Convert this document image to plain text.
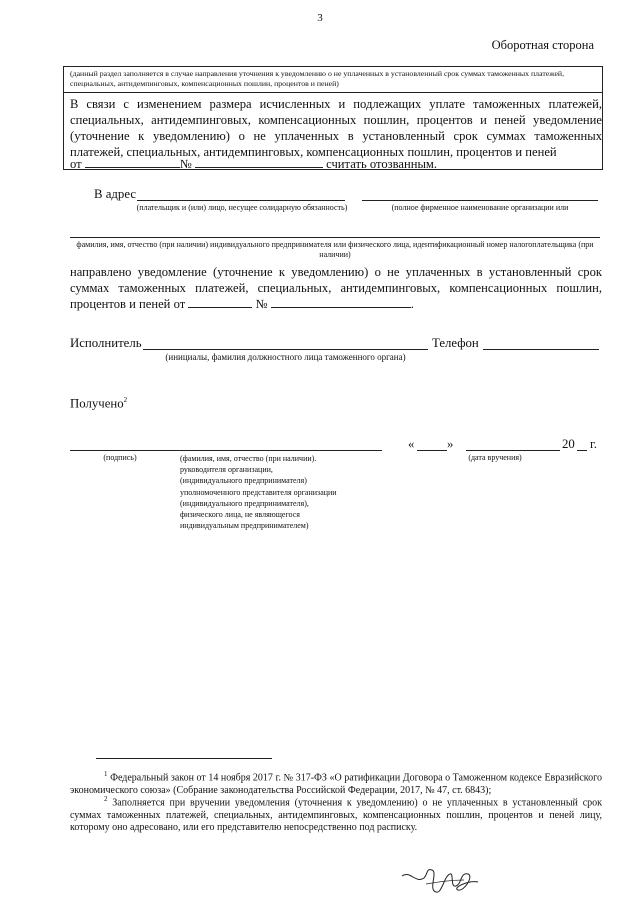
3
Оборотная сторона
(данный раздел заполняется в случае направления уточнения к уведомлению о не уплаченных в установленный срок суммах таможенных платежей, специальных, антидемпинговых, компенсационных пошлин, процентов и пеней)
В связи с изменением размера исчисленных и подлежащих уплате таможенных платежей, специальных, антидемпинговых, компенсационных пошлин, процентов и пеней уведомление (уточнение к уведомлению) о не уплаченных в установленный срок суммах таможенных платежей, специальных, антидемпинговых, компенсационных пошлин, процентов и пеней
от	№	считать отозванным.
В адрес
(плательщик и (или) лицо, несущее солидарную обязанность)	(полное фирменное наименование организации или
фамилия, имя, отчество (при наличии) индивидуального предпринимателя или физического лица, идентификационный номер налогоплательщика (при наличии)
направлено уведомление (уточнение к уведомлению) о не уплаченных в установленный срок суммах таможенных платежей, специальных, антидемпинговых, компенсационных пошлин, процентов и пеней от	№	.
Исполнитель	Телефон
(инициалы, фамилия должностного лица таможенного органа)
Получено$^2$
(подпись)	(фамилия, имя, отчество (при наличии).
руководителя организации,
(индивидуального предпринимателя)
уполномоченного представителя организации
(индивидуального предпринимателя),
физического лица, не являющегося
индивидуальным предпринимателем)
«	»	20 г.
(дата вручения)
$^1$ Федеральный закон от 14 ноября 2017 г. № 317-ФЗ «О ратификации Договора о Таможенном кодексе Евразийского экономического союза» (Собрание законодательства Российской Федерации, 2017, № 47, ст. 6843);
$^2$ Заполняется при вручении уведомления (уточнения к уведомлению) о не уплаченных в установленный срок суммах таможенных платежей, специальных, антидемпинговых, компенсационных пошлин, процентов и пеней лицу, которому оно адресовано, или его представителю непосредственно под расписку.
